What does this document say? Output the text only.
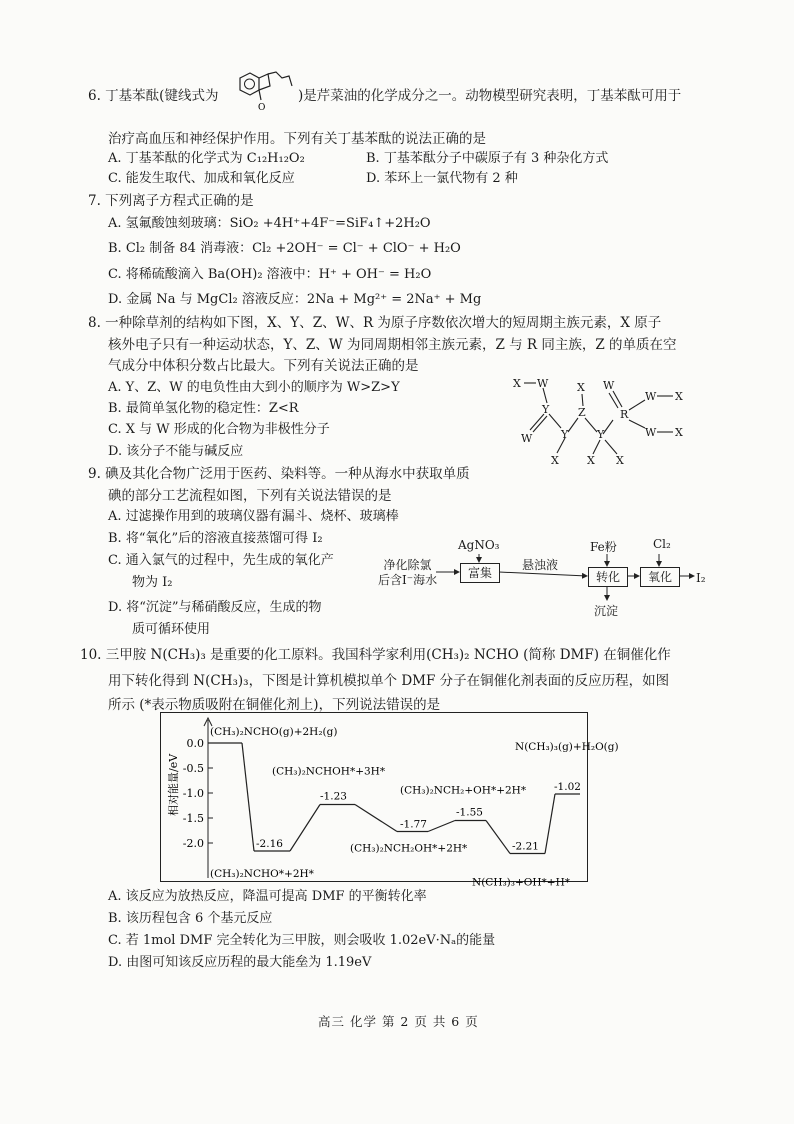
6. 丁基苯酞(键线式为
O
)是芹菜油的化学成分之一。动物模型研究表明，丁基苯酞可用于
治疗高血压和神经保护作用。下列有关丁基苯酞的说法正确的是
A. 丁基苯酞的化学式为 C₁₂H₁₂O₂	B. 丁基苯酞分子中碳原子有 3 种杂化方式
C. 能发生取代、加成和氧化反应	D. 苯环上一氯代物有 2 种
7. 下列离子方程式正确的是
A. 氢氟酸蚀刻玻璃：SiO₂ +4H⁺+4F⁻=SiF₄↑+2H₂O
B. Cl₂ 制备 84 消毒液：Cl₂ +2OH⁻ = Cl⁻ + ClO⁻ + H₂O
C. 将稀硫酸滴入 Ba(OH)₂ 溶液中：H⁺ + OH⁻ = H₂O
D. 金属 Na 与 MgCl₂ 溶液反应：2Na + Mg²⁺ = 2Na⁺ + Mg
8. 一种除草剂的结构如下图，X、Y、Z、W、R 为原子序数依次增大的短周期主族元素，X 原子
核外电子只有一种运动状态，Y、Z、W 为同周期相邻主族元素，Z 与 R 同主族，Z 的单质在空
气成分中体积分数占比最大。下列有关说法正确的是
A. Y、Z、W 的电负性由大到小的顺序为 W>Z>Y
B. 最简单氢化物的稳定性：Z<R
C. X 与 W 形成的化合物为非极性分子
D. 该分子不能与碱反应
X W
Y
W	Y
X
Z
X
Y
X X
R
W
W X
W X
9. 碘及其化合物广泛用于医药、染料等。一种从海水中获取单质
碘的部分工艺流程如图，下列有关说法错误的是
A. 过滤操作用到的玻璃仪器有漏斗、烧杯、玻璃棒
B. 将“氧化”后的溶液直接蒸馏可得 I₂
C. 通入氯气的过程中，先生成的氧化产
物为 I₂
D. 将“沉淀”与稀硝酸反应，生成的物
质可循环使用
净化除氯
后含I⁻海水
AgNO₃
富集
悬浊液
Fe粉
转化
Cl₂
氧化	I₂
沉淀
10. 三甲胺 N(CH₃)₃ 是重要的化工原料。我国科学家利用(CH₃)₂ NCHO (简称 DMF) 在铜催化作
用下转化得到 N(CH₃)₃，下图是计算机模拟单个 DMF 分子在铜催化剂表面的反应历程，如图
所示 (*表示物质吸附在铜催化剂上)，下列说法错误的是
相对能量/eV
0.0
-0.5
-1.0
-1.5
-2.0
(CH₃)₂NCHO(g)+2H₂(g)
(CH₃)₂NCHO*+2H*
-2.16
(CH₃)₂NCHOH*+3H*
-1.23
(CH₃)₂NCH₂OH*+2H*
-1.77
(CH₃)₂NCH₂+OH*+2H*
-1.55
N(CH₃)₃+OH*+H*
-2.21
N(CH₃)₃(g)+H₂O(g)
-1.02
A. 该反应为放热反应，降温可提高 DMF 的平衡转化率
B. 该历程包含 6 个基元反应
C. 若 1mol DMF 完全转化为三甲胺，则会吸收 1.02eV·Nₐ的能量
D. 由图可知该反应历程的最大能垒为 1.19eV
高三 化学 第 2 页 共 6 页
